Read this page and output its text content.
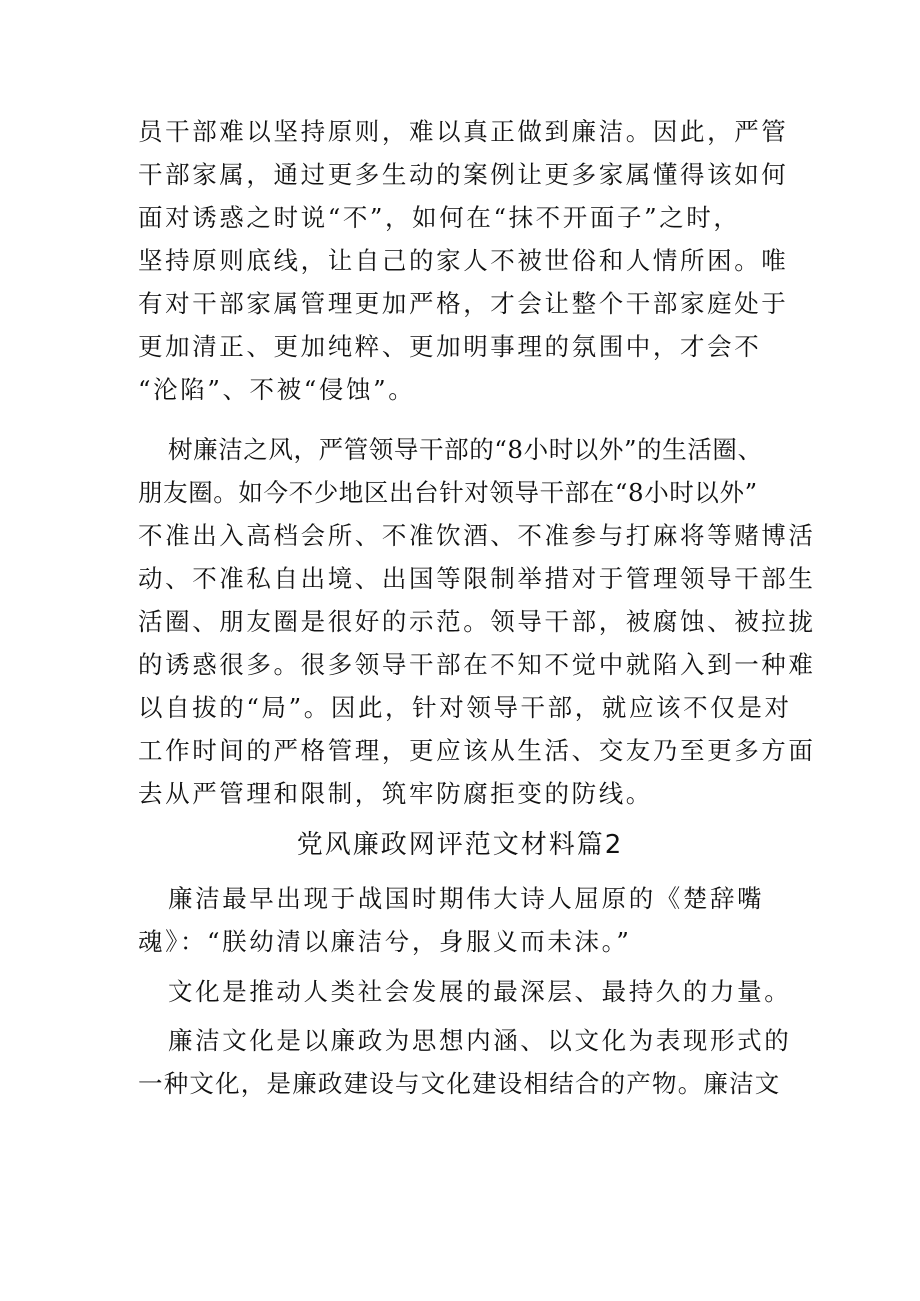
员干部难以坚持原则，难以真正做到廉洁。因此，严管
干部家属，通过更多生动的案例让更多家属懂得该如何
面对诱惑之时说“不”，如何在“抹不开面子”之时，
坚持原则底线，让自己的家人不被世俗和人情所困。唯
有对干部家属管理更加严格，才会让整个干部家庭处于
更加清正、更加纯粹、更加明事理的氛围中，才会不
“沦陷”、不被“侵蚀”。
树廉洁之风，严管领导干部的“8小时以外”的生活圈、
朋友圈。如今不少地区出台针对领导干部在“8小时以外”
不准出入高档会所、不准饮酒、不准参与打麻将等赌博活
动、不准私自出境、出国等限制举措对于管理领导干部生
活圈、朋友圈是很好的示范。领导干部，被腐蚀、被拉拢
的诱惑很多。很多领导干部在不知不觉中就陷入到一种难
以自拔的“局”。因此，针对领导干部，就应该不仅是对
工作时间的严格管理，更应该从生活、交友乃至更多方面
去从严管理和限制，筑牢防腐拒变的防线。
党风廉政网评范文材料篇2
廉洁最早出现于战国时期伟大诗人屈原的《楚辞嘴
魂》：“朕幼清以廉洁兮，身服义而未沫。”
文化是推动人类社会发展的最深层、最持久的力量。
廉洁文化是以廉政为思想内涵、以文化为表现形式的
一种文化，是廉政建设与文化建设相结合的产物。廉洁文
